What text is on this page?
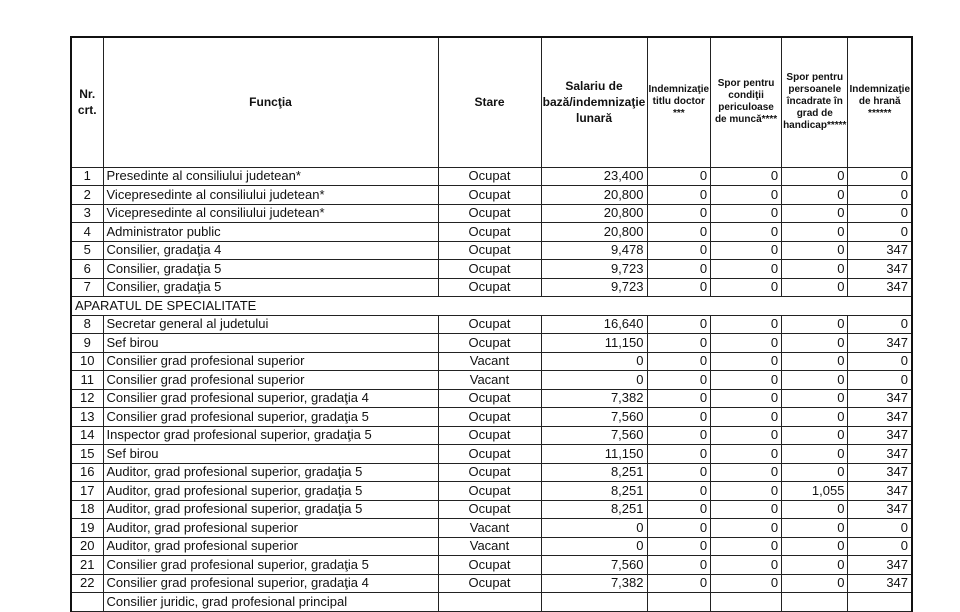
Nr. crt.	Funcţia	Stare	Salariu de bază/indemnizaţie lunară	Indemnizaţie titlu doctor ***	Spor pentru condiţii periculoase de muncă****	Spor pentru persoanele încadrate în grad de handicap*****	Indemnizaţie de hrană ******
1	Presedinte al consiliului judetean*	Ocupat	23,400	0	0	0	0
2	Vicepresedinte al consiliului judetean*	Ocupat	20,800	0	0	0	0
3	Vicepresedinte al consiliului judetean*	Ocupat	20,800	0	0	0	0
4	Administrator public	Ocupat	20,800	0	0	0	0
5	Consilier, gradaţia 4	Ocupat	9,478	0	0	0	347
6	Consilier, gradaţia 5	Ocupat	9,723	0	0	0	347
7	Consilier, gradaţia 5	Ocupat	9,723	0	0	0	347
APARATUL DE SPECIALITATE							
8	Secretar general al judetului	Ocupat	16,640	0	0	0	0
9	Sef birou	Ocupat	11,150	0	0	0	347
10	Consilier grad profesional superior	Vacant	0	0	0	0	0
11	Consilier grad profesional superior	Vacant	0	0	0	0	0
12	Consilier grad profesional superior, gradaţia 4	Ocupat	7,382	0	0	0	347
13	Consilier grad profesional superior, gradaţia 5	Ocupat	7,560	0	0	0	347
14	Inspector grad profesional superior, gradaţia 5	Ocupat	7,560	0	0	0	347
15	Sef birou	Ocupat	11,150	0	0	0	347
16	Auditor, grad profesional superior, gradaţia 5	Ocupat	8,251	0	0	0	347
17	Auditor, grad profesional superior, gradaţia 5	Ocupat	8,251	0	0	1,055	347
18	Auditor, grad profesional superior, gradaţia 5	Ocupat	8,251	0	0	0	347
19	Auditor, grad profesional superior	Vacant	0	0	0	0	0
20	Auditor, grad profesional superior	Vacant	0	0	0	0	0
21	Consilier grad profesional superior, gradaţia 5	Ocupat	7,560	0	0	0	347
22	Consilier grad profesional superior, gradaţia 4	Ocupat	7,382	0	0	0	347
	Consilier juridic, grad profesional principal						
